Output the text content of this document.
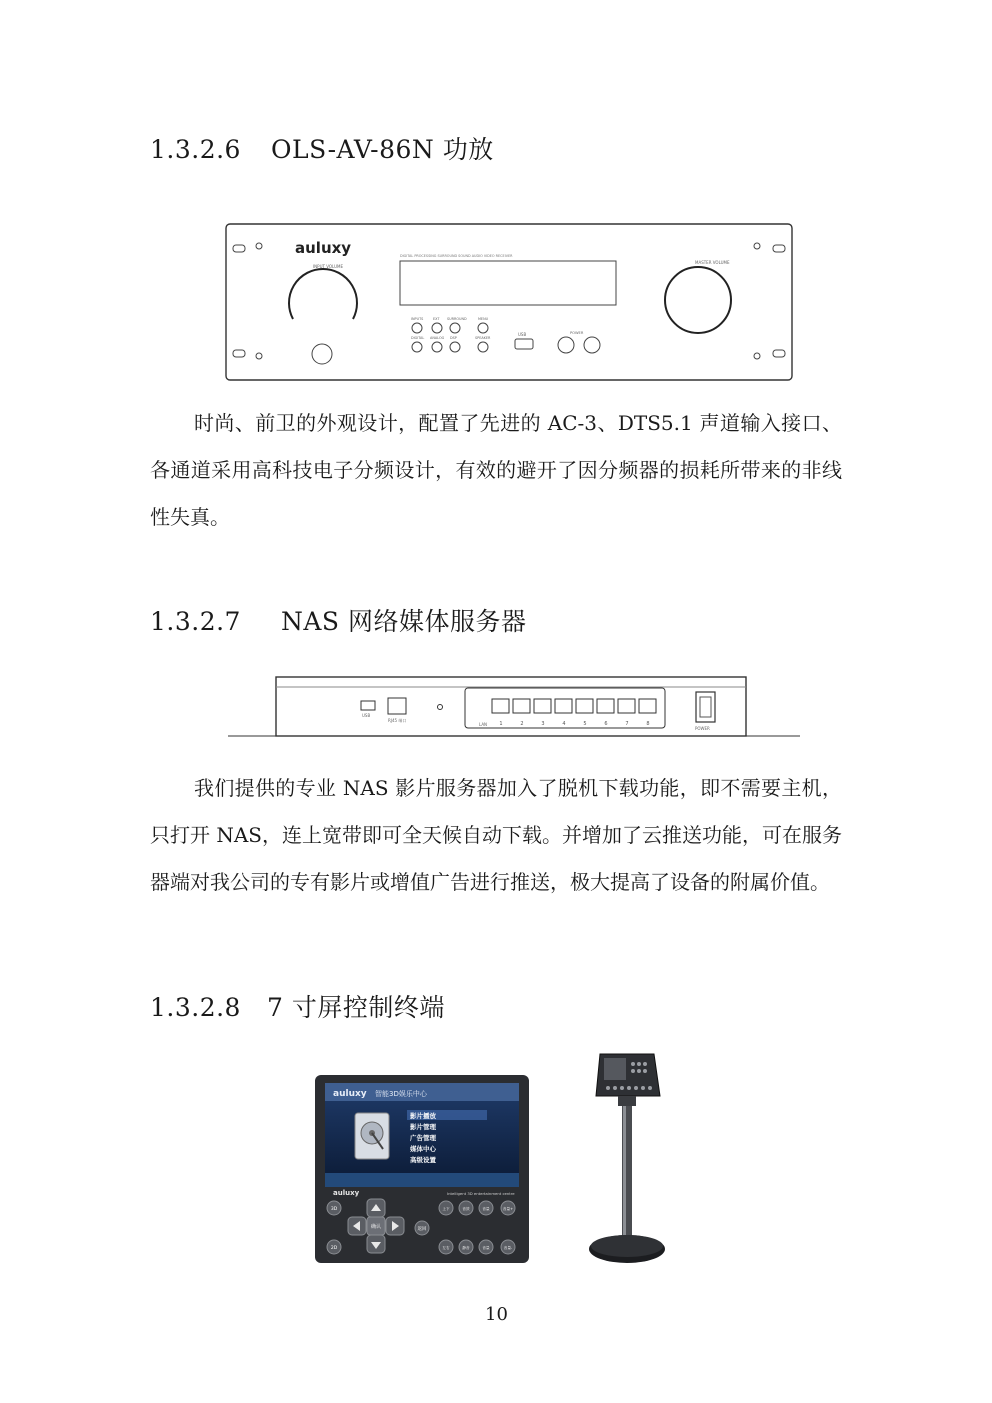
1.3.2.6 OLS-AV-86N 功放
auluxy	DIGITAL PROCESSING SURROUND SOUND AUDIO VIDEO RECEIVER
INPUT VOLUME
MASTER VOLUME
INPUTS	EXT SURROUND	MENU
DIGITAL ANALOG DSP	SPEAKER
USB	POWER

时尚、前卫的外观设计，配置了先进的 AC-3、DTS5.1 声道输入接口、各通道采用高科技电子分频设计，有效的避开了因分频器的损耗所带来的非线性失真。

1.3.2.7 NAS 网络媒体服务器
USB
RJ45 端口
LAN 1	2	3	4	5	6	7	8
POWER

我们提供的专业 NAS 影片服务器加入了脱机下载功能，即不需要主机，只打开 NAS，连上宽带即可全天候自动下载。并增加了云推送功能，可在服务器端对我公司的专有影片或增值广告进行推送，极大提高了设备的附属价值。

1.3.2.8 7 寸屏控制终端
auluxy 智能3D娱乐中心
影片播放
影片管理
广告管理
媒体中心
高级设置
auluxy	Intelligent 3D entertainment centre
确认
3D
2D
返回
上下	音效	音量	音量+
左右	静音	音量	音量-
10
